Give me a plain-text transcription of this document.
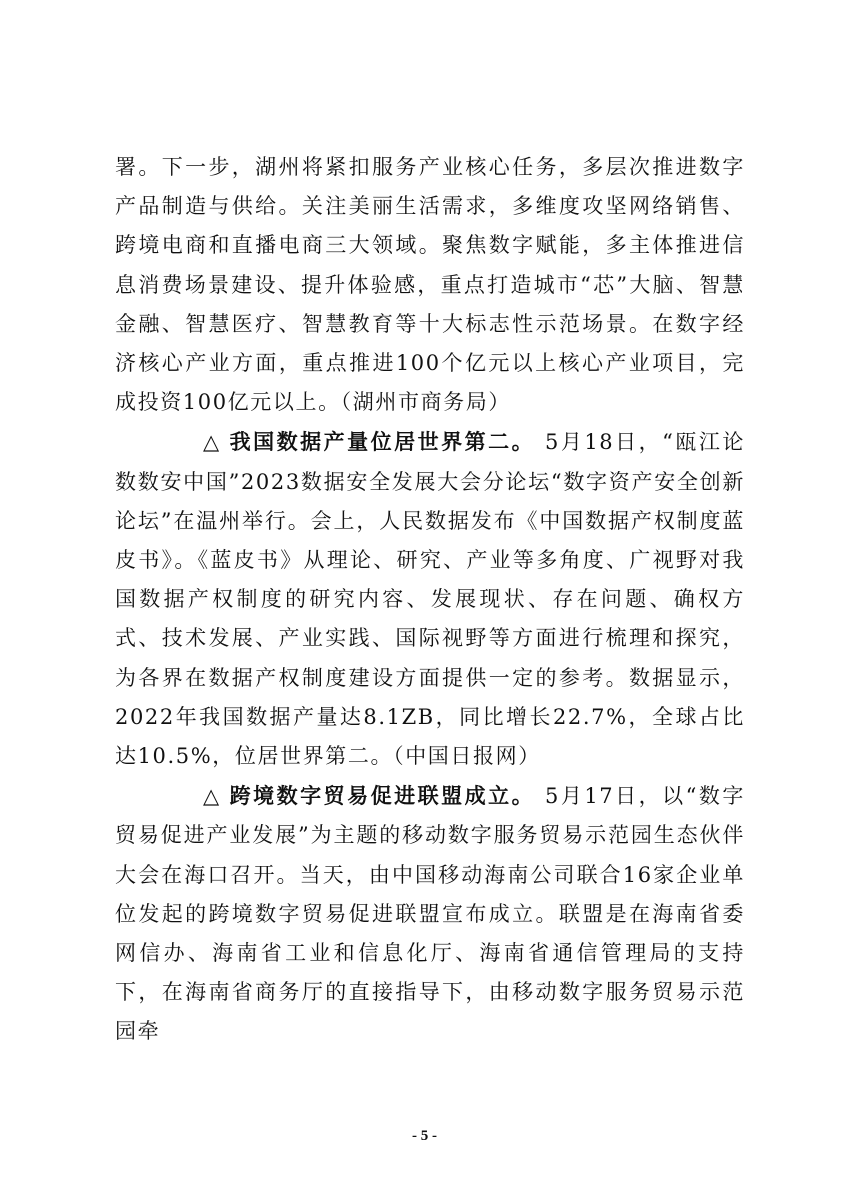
署。下一步，湖州将紧扣服务产业核心任务，多层次推进数字产品制造与供给。关注美丽生活需求，多维度攻坚网络销售、跨境电商和直播电商三大领域。聚焦数字赋能，多主体推进信息消费场景建设、提升体验感，重点打造城市“芯”大脑、智慧金融、智慧医疗、智慧教育等十大标志性示范场景。在数字经济核心产业方面，重点推进100个亿元以上核心产业项目，完成投资100亿元以上。（湖州市商务局）

△ 我国数据产量位居世界第二。 5月18日，“瓯江论数数安中国”2023数据安全发展大会分论坛“数字资产安全创新论坛”在温州举行。会上，人民数据发布《中国数据产权制度蓝皮书》。《蓝皮书》从理论、研究、产业等多角度、广视野对我国数据产权制度的研究内容、发展现状、存在问题、确权方式、技术发展、产业实践、国际视野等方面进行梳理和探究，为各界在数据产权制度建设方面提供一定的参考。数据显示，2022年我国数据产量达8.1ZB，同比增长22.7%，全球占比达10.5%，位居世界第二。（中国日报网）

△ 跨境数字贸易促进联盟成立。 5月17日，以“数字贸易促进产业发展”为主题的移动数字服务贸易示范园生态伙伴大会在海口召开。当天，由中国移动海南公司联合16家企业单位发起的跨境数字贸易促进联盟宣布成立。联盟是在海南省委网信办、海南省工业和信息化厅、海南省通信管理局的支持下，在海南省商务厅的直接指导下，由移动数字服务贸易示范园牵

- 5 -
